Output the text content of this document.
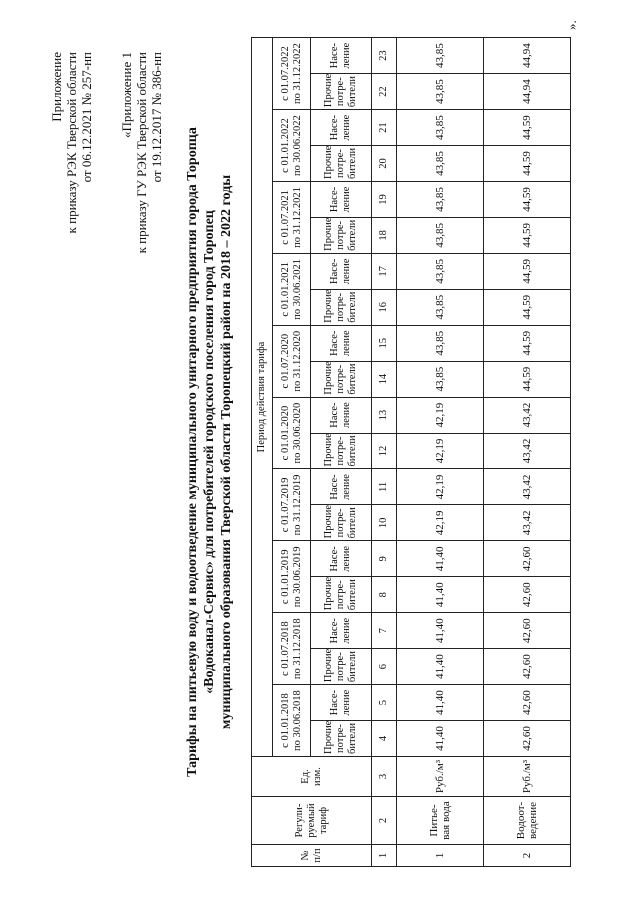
Приложение к приказу РЭК Тверской области от 06.12.2021 № 257-нп «Приложение 1 к приказу ГУ РЭК Тверской области от 19.12.2017 № 386-нп
Тарифы на питьевую воду и водоотведение муниципального унитарного предприятия города Торопца «Водоканал-Сервис» для потребителей городского поселения город Торопец муниципального образования Тверской области Торопецкий район на 2018 – 2022 годы
№ п/п	Регули-руемый тариф	Ед. изм.	Период действия тарифа																			
			с 01.01.2018 по 30.06.2018		с 01.07.2018 по 31.12.2018		с 01.01.2019 по 30.06.2019		с 01.07.2019 по 31.12.2019		с 01.01.2020 по 30.06.2020		с 01.07.2020 по 31.12.2020		с 01.01.2021 по 30.06.2021		с 01.07.2021 по 31.12.2021		с 01.01.2022 по 30.06.2022		с 01.07.2022 по 31.12.2022	
			Прочие потре-бители	Насе-ление	Прочие потре-бители	Насе-ление	Прочие потре-бители	Насе-ление	Прочие потре-бители	Насе-ление	Прочие потре-бители	Насе-ление	Прочие потре-бители	Насе-ление	Прочие потре-бители	Насе-ление	Прочие потре-бители	Насе-ление	Прочие потре-бители	Насе-ление	Прочие потре-бители	Насе-ление
1	2	3	4	5	6	7	8	9	10	11	12	13	14	15	16	17	18	19	20	21	22	23
1	Питье-вая вода	Руб./м³	41,40	41,40	41,40	41,40	41,40	41,40	42,19	42,19	42,19	42,19	43,85	43,85	43,85	43,85	43,85	43,85	43,85	43,85	43,85	43,85
2	Водоот-ведение	Руб./м³	42,60	42,60	42,60	42,60	42,60	42,60	43,42	43,42	43,42	43,42	44,59	44,59	44,59	44,59	44,59	44,59	44,59	44,59	44,94	44,94
».
